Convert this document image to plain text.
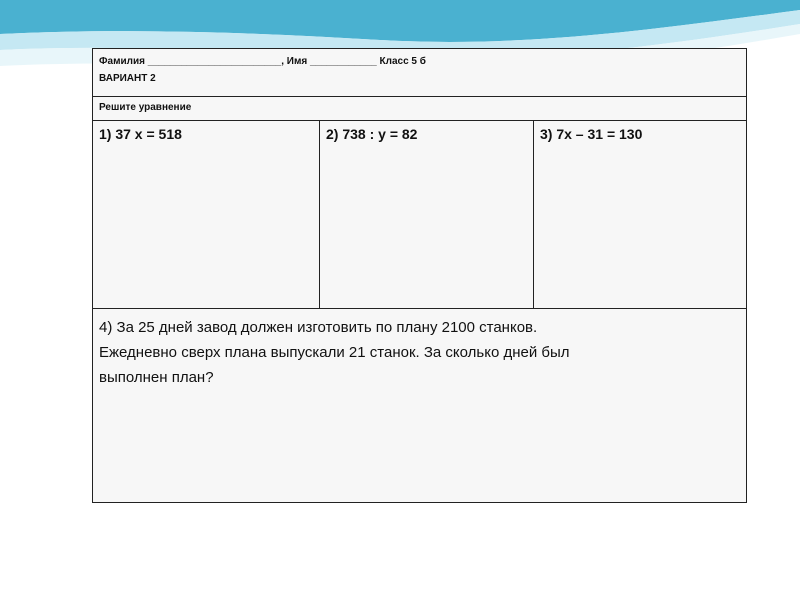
Фамилия ________________________, Имя ____________ Класс 5 б
ВАРИАНТ 2
Решите уравнение
1) 37 х = 518	2) 738 : у = 82	3) 7х – 31 = 130
4) За 25 дней завод должен изготовить по плану 2100 станков.
Ежедневно сверх плана выпускали 21 станок. За сколько дней был
выполнен план?
